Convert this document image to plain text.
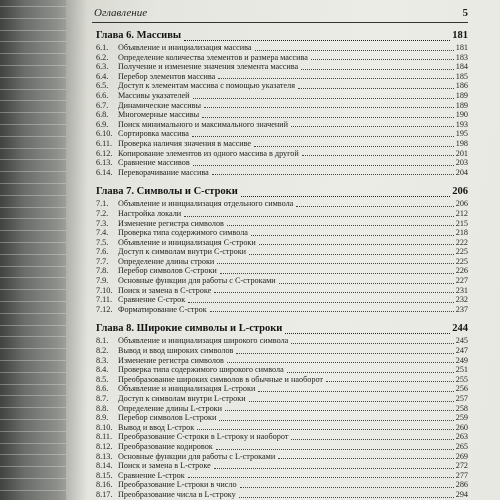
Оглавление	5
Глава 6. Массивы	181
6.1. Объявление и инициализация массива	181
6.2. Определение количества элементов и размера массива	183
6.3. Получение и изменение значения элемента массива	184
6.4. Перебор элементов массива	185
6.5. Доступ к элементам массива с помощью указателя	186
6.6. Массивы указателей	189
6.7. Динамические массивы	189
6.8. Многомерные массивы	190
6.9. Поиск минимального и максимального значений	193
6.10. Сортировка массива	195
6.11. Проверка наличия значения в массиве	198
6.12. Копирование элементов из одного массива в другой	201
6.13. Сравнение массивов	203
6.14. Переворачивание массива	204
Глава 7. Символы и С-строки	206
7.1. Объявление и инициализация отдельного символа	206
7.2. Настройка локали	212
7.3. Изменение регистра символов	215
7.4. Проверка типа содержимого символа	218
7.5. Объявление и инициализация С-строки	222
7.6. Доступ к символам внутри С-строки	225
7.7. Определение длины строки	225
7.8. Перебор символов С-строки	226
7.9. Основные функции для работы с С-строками	227
7.10. Поиск и замена в С-строке	231
7.11. Сравнение С-строк	232
7.12. Форматирование С-строк	237
Глава 8. Широкие символы и L-строки	244
8.1. Объявление и инициализация широкого символа	245
8.2. Вывод и ввод широких символов	247
8.3. Изменение регистра символов	249
8.4. Проверка типа содержимого широкого символа	251
8.5. Преобразование широких символов в обычные и наоборот	255
8.6. Объявление и инициализация L-строки	256
8.7. Доступ к символам внутри L-строки	257
8.8. Определение длины L-строки	258
8.9. Перебор символов L-строки	259
8.10. Вывод и ввод L-строк	260
8.11. Преобразование С-строки в L-строку и наоборот	263
8.12. Преобразование кодировок	265
8.13. Основные функции для работы с L-строками	269
8.14. Поиск и замена в L-строке	272
8.15. Сравнение L-строк	277
8.16. Преобразование L-строки в число	286
8.17. Преобразование числа в L-строку	294
